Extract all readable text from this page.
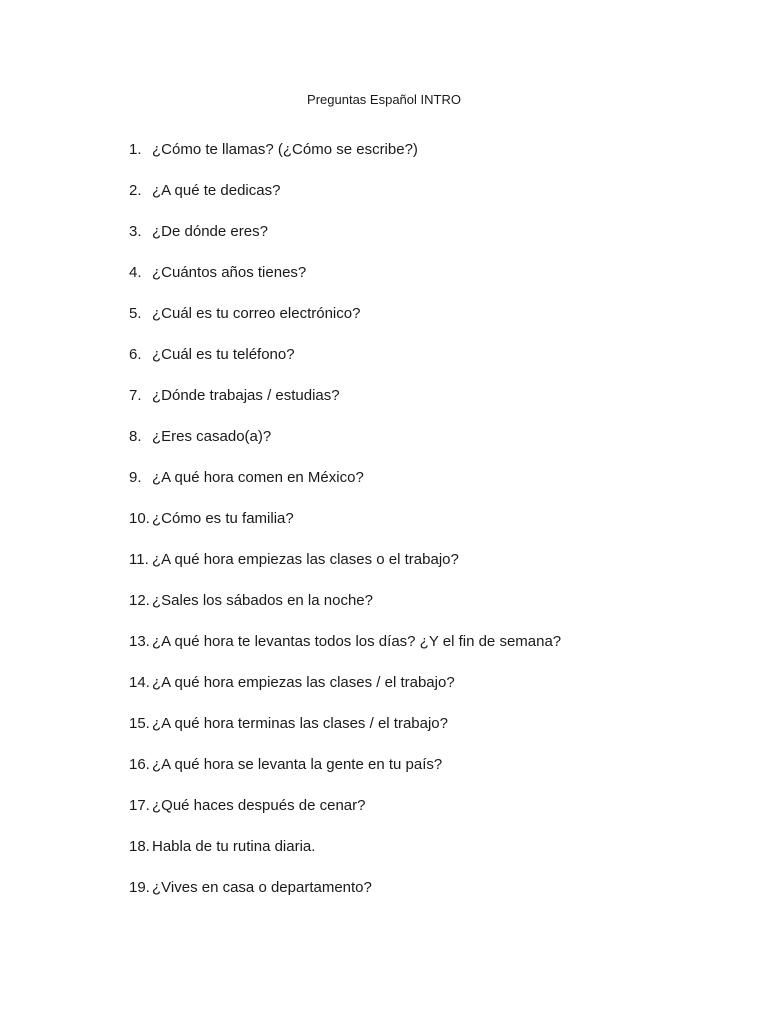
Preguntas Español INTRO
1. ¿Cómo te llamas? (¿Cómo se escribe?)
2. ¿A qué te dedicas?
3. ¿De dónde eres?
4. ¿Cuántos años tienes?
5. ¿Cuál es tu correo electrónico?
6. ¿Cuál es tu teléfono?
7. ¿Dónde trabajas / estudias?
8. ¿Eres casado(a)?
9. ¿A qué hora comen en México?
10. ¿Cómo es tu familia?
11. ¿A qué hora empiezas las clases o el trabajo?
12. ¿Sales los sábados en la noche?
13. ¿A qué hora te levantas todos los días? ¿Y el fin de semana?
14. ¿A qué hora empiezas las clases / el trabajo?
15. ¿A qué hora terminas las clases / el trabajo?
16. ¿A qué hora se levanta la gente en tu país?
17. ¿Qué haces después de cenar?
18. Habla de tu rutina diaria.
19. ¿Vives en casa o departamento?
